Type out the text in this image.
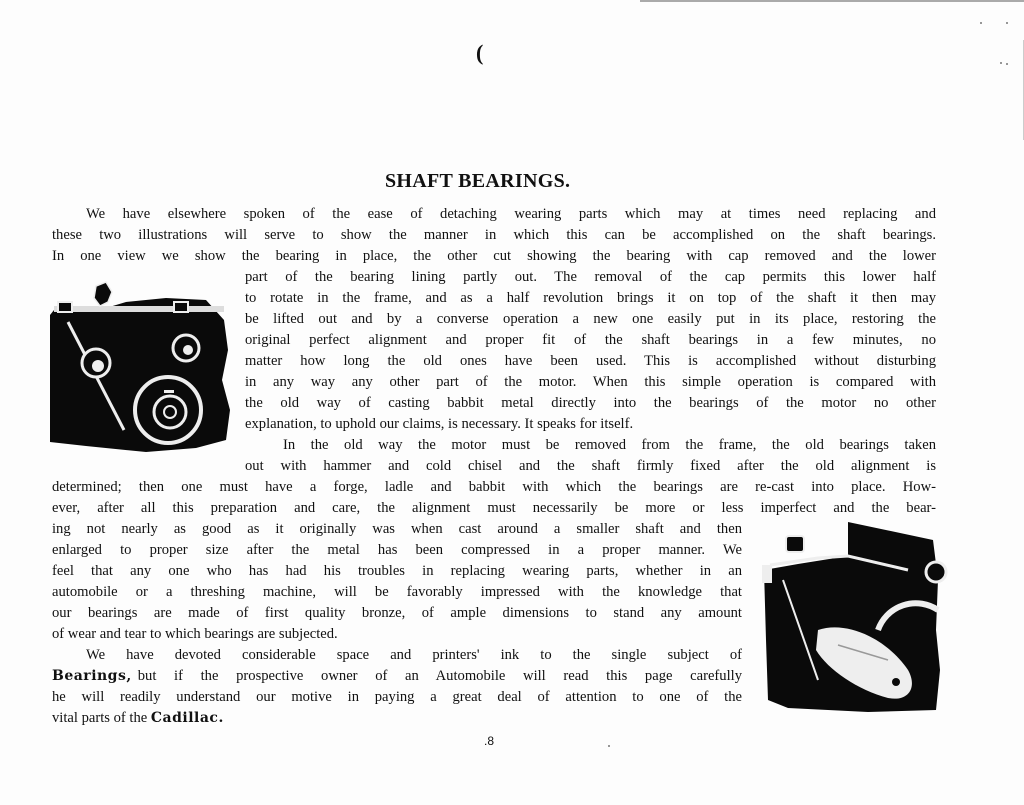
(
SHAFT BEARINGS.
We have elsewhere spoken of the ease of detaching wearing parts which may at times need replacing and
these two illustrations will serve to show the manner in which this can be accomplished on the shaft bearings.
In one view we show the bearing in place, the other cut showing the bearing with cap removed and the lower
part of the bearing lining partly out. The removal of the cap permits this lower half
to rotate in the frame, and as a half revolution brings it on top of the shaft it then may
be lifted out and by a converse operation a new one easily put in its place, restoring the
original perfect alignment and proper fit of the shaft bearings in a few minutes, no
matter how long the old ones have been used. This is accomplished without disturbing
in any way any other part of the motor. When this simple operation is compared with
the old way of casting babbit metal directly into the bearings of the motor no other
explanation, to uphold our claims, is necessary. It speaks for itself.
In the old way the motor must be removed from the frame, the old bearings taken
out with hammer and cold chisel and the shaft firmly fixed after the old alignment is
determined; then one must have a forge, ladle and babbit with which the bearings are re-cast into place. How-
ever, after all this preparation and care, the alignment must necessarily be more or less imperfect and the bear-
ing not nearly as good as it originally was when cast around a smaller shaft and then
enlarged to proper size after the metal has been compressed in a proper manner. We
feel that any one who has had his troubles in replacing wearing parts, whether in an
automobile or a threshing machine, will be favorably impressed with the knowledge that
our bearings are made of first quality bronze, of ample dimensions to stand any amount
of wear and tear to which bearings are subjected.
We have devoted considerable space and printers' ink to the single subject of
Bearings, but if the prospective owner of an Automobile will read this page carefully
he will readily understand our motive in paying a great deal of attention to one of the
vital parts of the Cadillac.
.8
